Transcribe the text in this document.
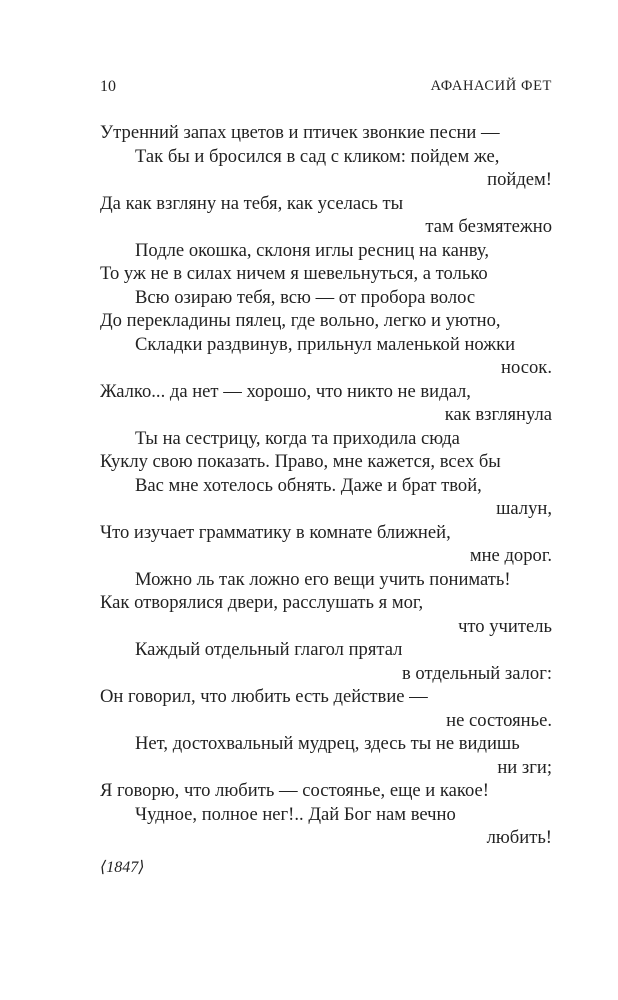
10	АФАНАСИЙ ФЕТ
Утренний запах цветов и птичек звонкие песни —
Так бы и бросился в сад с кликом: пойдем же,
пойдем!
Да как взгляну на тебя, как уселась ты
там безмятежно
Подле окошка, склоня иглы ресниц на канву,
То уж не в силах ничем я шевельнуться, а только
Всю озираю тебя, всю — от пробора волос
До перекладины пялец, где вольно, легко и уютно,
Складки раздвинув, прильнул маленькой ножки
носок.
Жалко... да нет — хорошо, что никто не видал,
как взглянула
Ты на сестрицу, когда та приходила сюда
Куклу свою показать. Право, мне кажется, всех бы
Вас мне хотелось обнять. Даже и брат твой,
шалун,
Что изучает грамматику в комнате ближней,
мне дорог.
Можно ль так ложно его вещи учить понимать!
Как отворялися двери, расслушать я мог,
что учитель
Каждый отдельный глагол прятал
в отдельный залог:
Он говорил, что любить есть действие —
не состоянье.
Нет, достохвальный мудрец, здесь ты не видишь
ни зги;
Я говорю, что любить — состоянье, еще и какое!
Чудное, полное нег!.. Дай Бог нам вечно
любить!
⟨1847⟩
